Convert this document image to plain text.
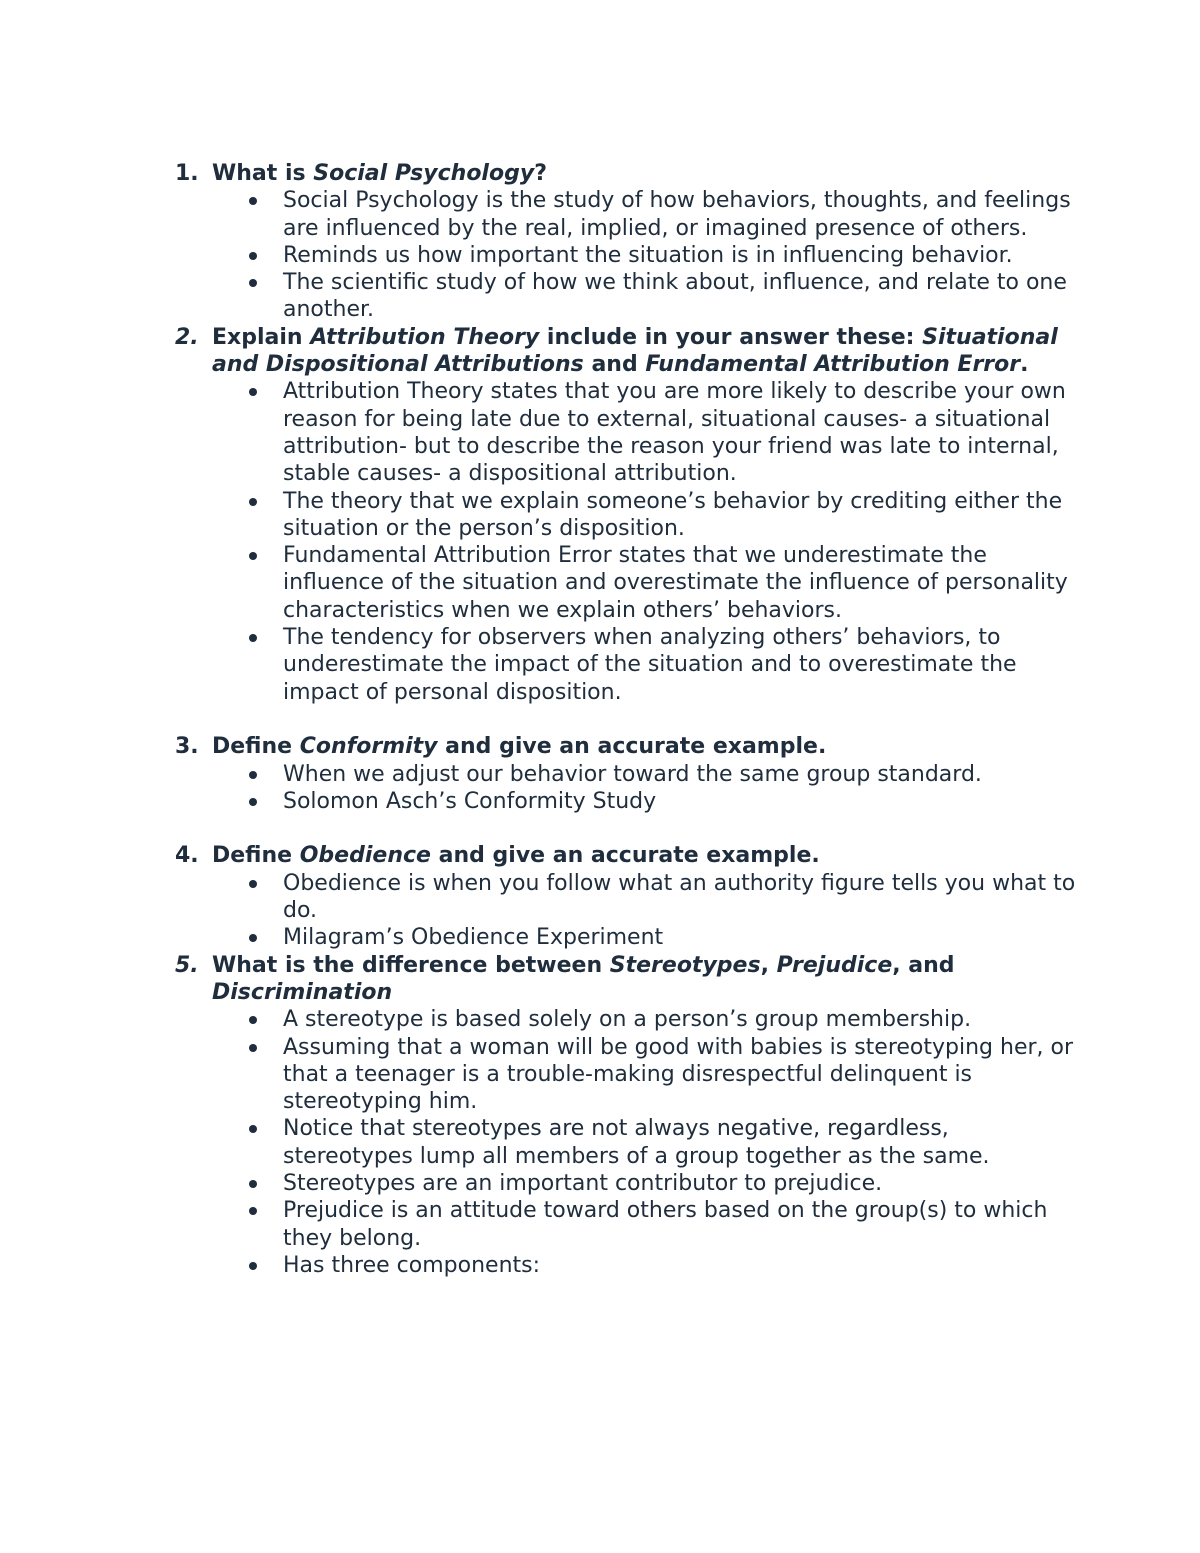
1. What is Social Psychology?
Social Psychology is the study of how behaviors, thoughts, and feelings are influenced by the real, implied, or imagined presence of others.
Reminds us how important the situation is in influencing behavior.
The scientific study of how we think about, influence, and relate to one another.
2. Explain Attribution Theory include in your answer these: Situational and Dispositional Attributions and Fundamental Attribution Error.
Attribution Theory states that you are more likely to describe your own reason for being late due to external, situational causes- a situational attribution- but to describe the reason your friend was late to internal, stable causes- a dispositional attribution.
The theory that we explain someone’s behavior by crediting either the situation or the person’s disposition.
Fundamental Attribution Error states that we underestimate the influence of the situation and overestimate the influence of personality characteristics when we explain others’ behaviors.
The tendency for observers when analyzing others’ behaviors, to underestimate the impact of the situation and to overestimate the impact of personal disposition.
3. Define Conformity and give an accurate example.
When we adjust our behavior toward the same group standard.
Solomon Asch’s Conformity Study
4. Define Obedience and give an accurate example.
Obedience is when you follow what an authority figure tells you what to do.
Milagram’s Obedience Experiment
5. What is the difference between Stereotypes, Prejudice, and Discrimination
A stereotype is based solely on a person’s group membership.
Assuming that a woman will be good with babies is stereotyping her, or that a teenager is a trouble-making disrespectful delinquent is stereotyping him.
Notice that stereotypes are not always negative, regardless, stereotypes lump all members of a group together as the same.
Stereotypes are an important contributor to prejudice.
Prejudice is an attitude toward others based on the group(s) to which they belong.
Has three components:
